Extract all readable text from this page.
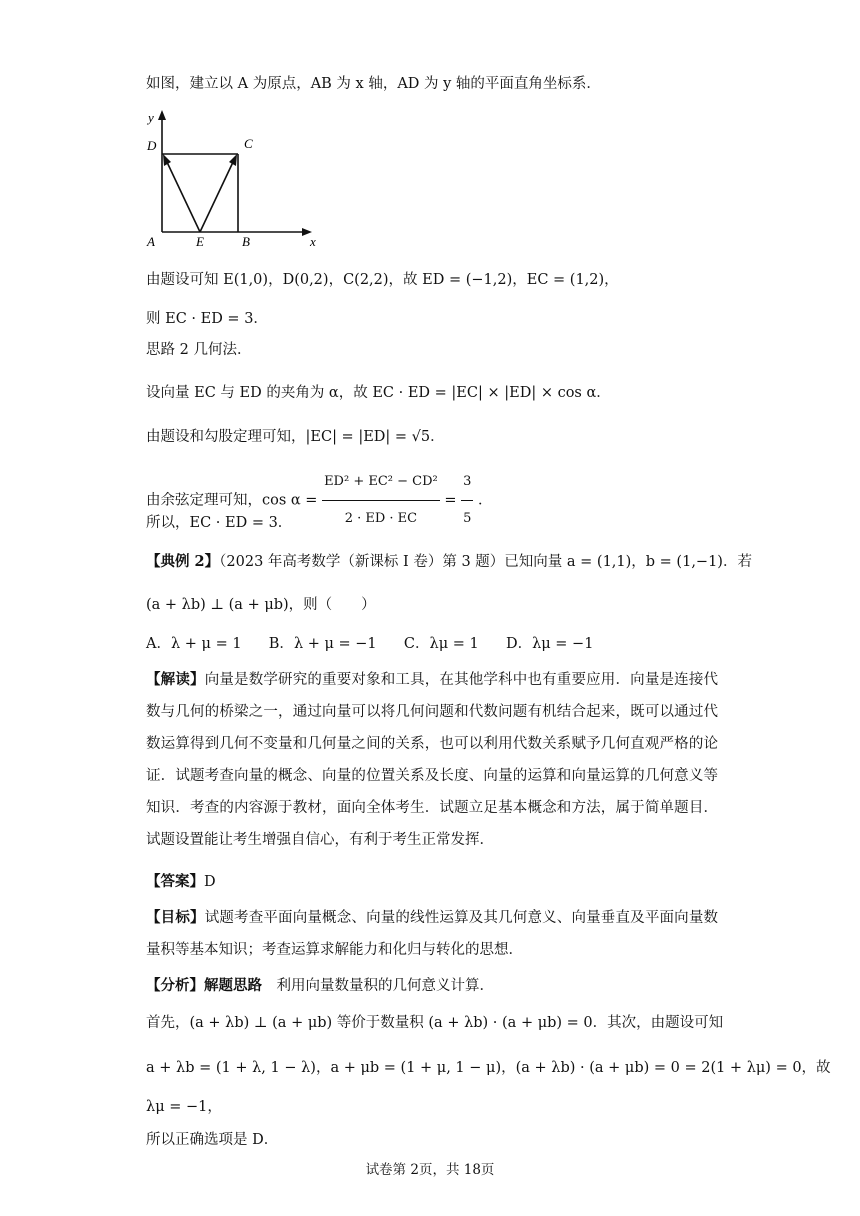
如图，建立以 A 为原点，AB 为 x 轴，AD 为 y 轴的平面直角坐标系．
y
D	C
A	E	B	x
由题设可知 E(1,0)，D(0,2)，C(2,2)，故 ED = (−1,2)，EC = (1,2)，
则 EC · ED = 3．
思路 2 几何法．
设向量 EC 与 ED 的夹角为 α，故 EC · ED = |EC| × |ED| × cos α．
由题设和勾股定理可知，|EC| = |ED| = √5．
由余弦定理可知，$\cos \alpha = \frac{\text{ED² + EC² − CD²}}{2 \cdot ED \cdot EC} = \frac{3}{5}$ ．
所以，EC · ED = 3．
【典例 2】（2023 年高考数学（新课标 I 卷）第 3 题）已知向量 a = (1,1)，b = (1,−1)．若
(a + λb) ⊥ (a + μb)，则（　　）
A．λ + μ = 1 B．λ + μ = −1 C．λμ = 1 D．λμ = −1
【解读】向量是数学研究的重要对象和工具，在其他学科中也有重要应用．向量是连接代数与几何的桥梁之一，通过向量可以将几何问题和代数问题有机结合起来，既可以通过代数运算得到几何不变量和几何量之间的关系，也可以利用代数关系赋予几何直观严格的论证．试题考查向量的概念、向量的位置关系及长度、向量的运算和向量运算的几何意义等知识．考查的内容源于教材，面向全体考生．试题立足基本概念和方法，属于简单题目．试题设置能让考生增强自信心，有利于考生正常发挥．
【答案】D
【目标】试题考查平面向量概念、向量的线性运算及其几何意义、向量垂直及平面向量数量积等基本知识；考查运算求解能力和化归与转化的思想．
【分析】解题思路　利用向量数量积的几何意义计算．
首先，(a + λb) ⊥ (a + μb) 等价于数量积 (a + λb) · (a + μb) = 0．其次，由题设可知
a + λb = (1 + λ, 1 − λ)，a + μb = (1 + μ, 1 − μ)，(a + λb) · (a + μb) = 0 = 2(1 + λμ) = 0，故
λμ = −1，
所以正确选项是 D．
试卷第 2页，共 18页
